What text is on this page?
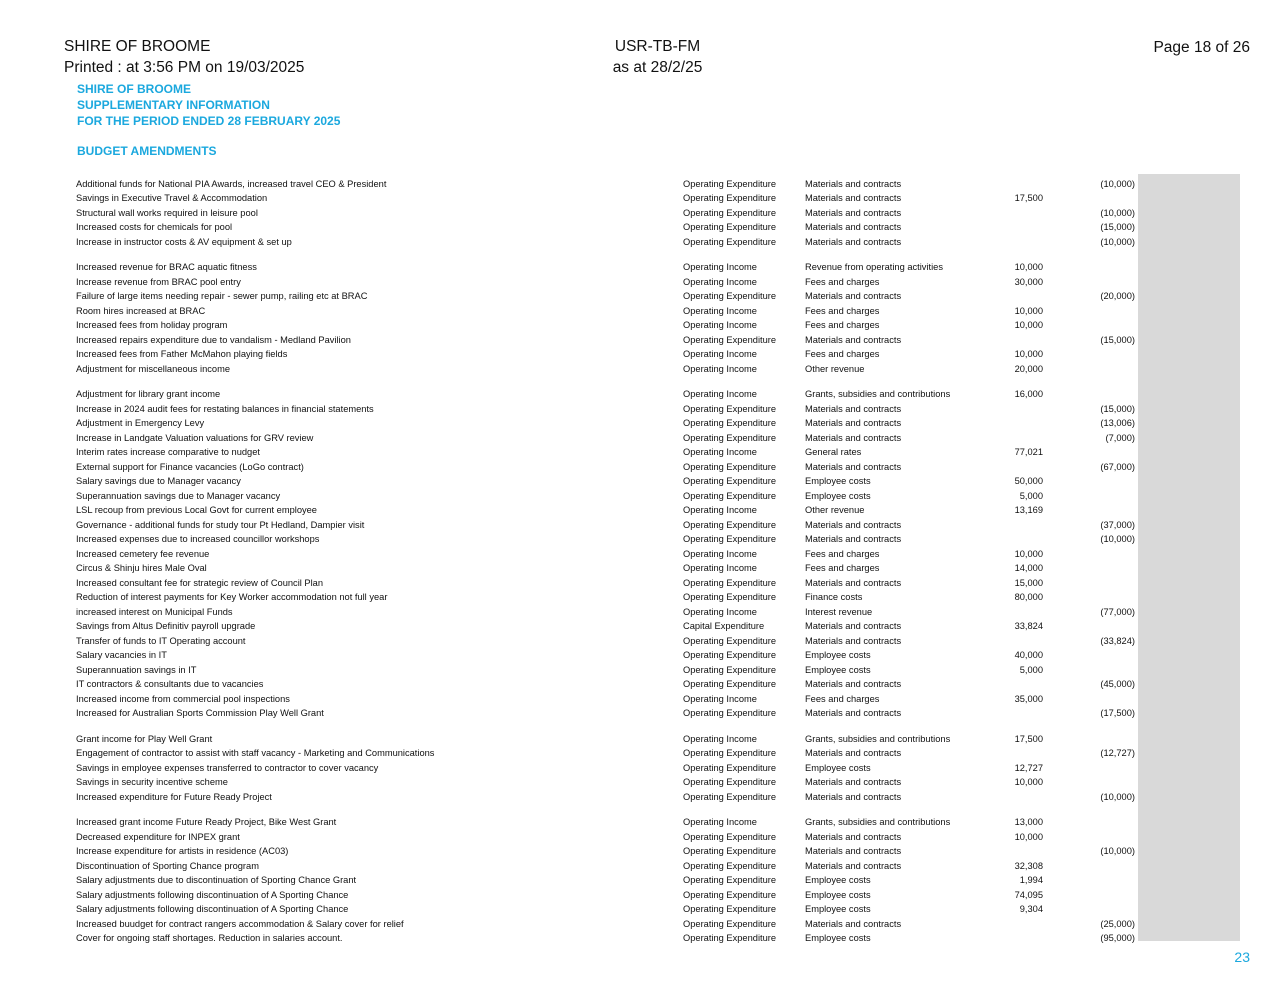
SHIRE OF BROOME
Printed : at 3:56 PM on 19/03/2025
USR-TB-FM
as at 28/2/25
Page 18 of 26
SHIRE OF BROOME
SUPPLEMENTARY INFORMATION
FOR THE PERIOD ENDED 28 FEBRUARY 2025
BUDGET AMENDMENTS
Additional funds for National PIA Awards, increased travel CEO & President	Operating Expenditure	Materials and contracts		(10,000)
Savings in Executive Travel & Accommodation	Operating Expenditure	Materials and contracts	17,500	
Structural wall works required in leisure pool	Operating Expenditure	Materials and contracts		(10,000)
Increased costs for chemicals for pool	Operating Expenditure	Materials and contracts		(15,000)
Increase in instructor costs & AV equipment & set up	Operating Expenditure	Materials and contracts		(10,000)
Increased revenue for BRAC aquatic fitness	Operating Income	Revenue from operating activities	10,000	
Increase revenue from BRAC pool entry	Operating Income	Fees and charges	30,000	
Failure of large items needing repair - sewer pump, railing etc at BRAC	Operating Expenditure	Materials and contracts		(20,000)
Room hires increased at BRAC	Operating Income	Fees and charges	10,000	
Increased fees from holiday program	Operating Income	Fees and charges	10,000	
Increased repairs expenditure due to vandalism - Medland Pavilion	Operating Expenditure	Materials and contracts		(15,000)
Increased fees from Father McMahon playing fields	Operating Income	Fees and charges	10,000	
Adjustment for miscellaneous income	Operating Income	Other revenue	20,000	
Adjustment for library grant income	Operating Income	Grants, subsidies and contributions	16,000	
Increase in 2024 audit fees for restating balances in financial statements	Operating Expenditure	Materials and contracts		(15,000)
Adjustment in Emergency Levy	Operating Expenditure	Materials and contracts		(13,006)
Increase in Landgate Valuation valuations for GRV review	Operating Expenditure	Materials and contracts		(7,000)
Interim rates increase comparative to nudget	Operating Income	General rates	77,021	
External support for Finance vacancies (LoGo contract)	Operating Expenditure	Materials and contracts		(67,000)
Salary savings due to Manager vacancy	Operating Expenditure	Employee costs	50,000	
Superannuation savings due to Manager vacancy	Operating Expenditure	Employee costs	5,000	
LSL recoup from previous Local Govt for current employee	Operating Income	Other revenue	13,169	
Governance - additional funds for study tour Pt Hedland, Dampier visit	Operating Expenditure	Materials and contracts		(37,000)
Increased expenses due to increased councillor workshops	Operating Expenditure	Materials and contracts		(10,000)
Increased cemetery fee revenue	Operating Income	Fees and charges	10,000	
Circus & Shinju hires Male Oval	Operating Income	Fees and charges	14,000	
Increased consultant fee for strategic review of Council Plan	Operating Expenditure	Materials and contracts	15,000	
Reduction of interest payments for Key Worker accommodation not full year	Operating Expenditure	Finance costs	80,000	
increased interest on Municipal Funds	Operating Income	Interest revenue		(77,000)
Savings from Altus Definitiv payroll upgrade	Capital Expenditure	Materials and contracts	33,824	
Transfer of funds to IT Operating account	Operating Expenditure	Materials and contracts		(33,824)
Salary vacancies in IT	Operating Expenditure	Employee costs	40,000	
Superannuation savings in IT	Operating Expenditure	Employee costs	5,000	
IT contractors & consultants due to vacancies	Operating Expenditure	Materials and contracts		(45,000)
Increased income from commercial pool inspections	Operating Income	Fees and charges	35,000	
Increased for Australian Sports Commission Play Well Grant	Operating Expenditure	Materials and contracts		(17,500)
Grant income for Play Well Grant	Operating Income	Grants, subsidies and contributions	17,500	
Engagement of contractor to assist with staff vacancy - Marketing and Communications	Operating Expenditure	Materials and contracts		(12,727)
Savings in employee expenses transferred to contractor to cover vacancy	Operating Expenditure	Employee costs	12,727	
Savings in security incentive scheme	Operating Expenditure	Materials and contracts	10,000	
Increased expenditure for Future Ready Project	Operating Expenditure	Materials and contracts		(10,000)
Increased grant income Future Ready Project, Bike West Grant	Operating Income	Grants, subsidies and contributions	13,000	
Decreased expenditure for INPEX grant	Operating Expenditure	Materials and contracts	10,000	
Increase expenditure for artists in residence (AC03)	Operating Expenditure	Materials and contracts		(10,000)
Discontinuation of Sporting Chance program	Operating Expenditure	Materials and contracts	32,308	
Salary adjustments due to discontinuation of Sporting Chance Grant	Operating Expenditure	Employee costs	1,994	
Salary adjustments following discontinuation of A Sporting Chance	Operating Expenditure	Employee costs	74,095	
Salary adjustments following discontinuation of A Sporting Chance	Operating Expenditure	Employee costs	9,304	
Increased buudget for contract rangers accommodation & Salary cover for relief	Operating Expenditure	Materials and contracts		(25,000)
Cover for ongoing staff shortages. Reduction in salaries account.	Operating Expenditure	Employee costs		(95,000)
23
